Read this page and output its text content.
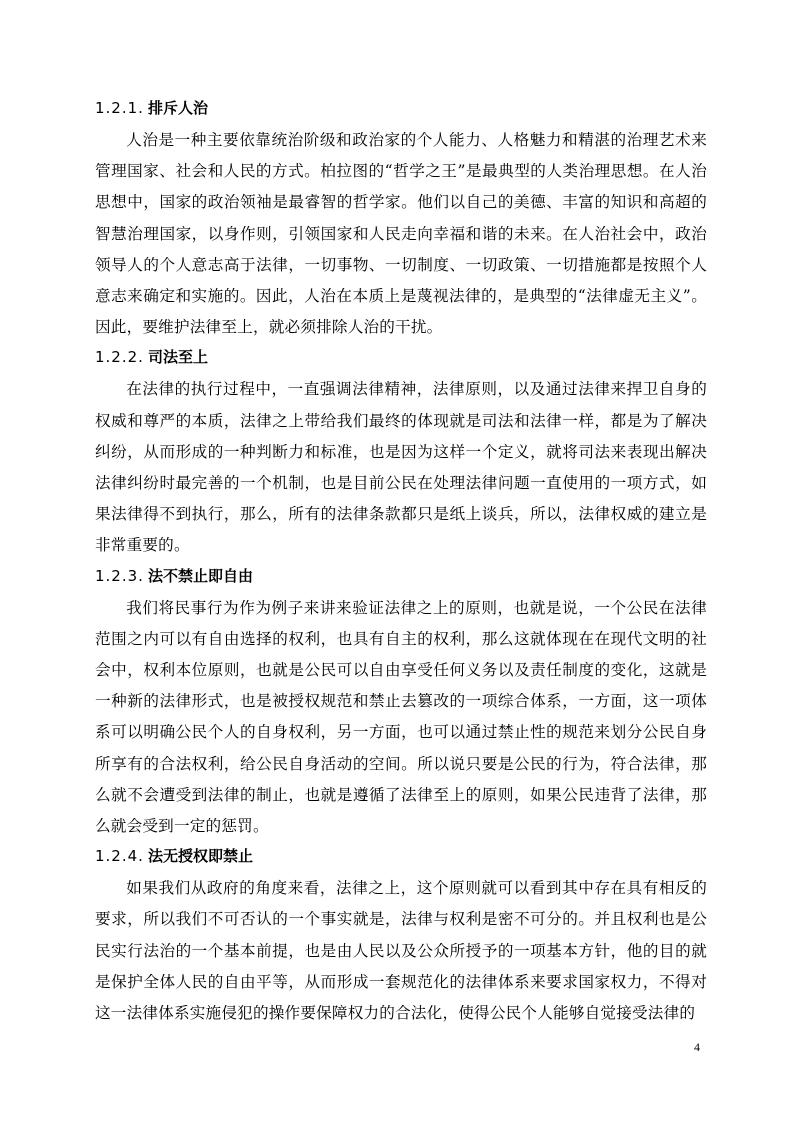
1.2.1. 排斥人治

人治是一种主要依靠统治阶级和政治家的个人能力、人格魅力和精湛的治理艺术来管理国家、社会和人民的方式。柏拉图的“哲学之王”是最典型的人类治理思想。在人治思想中，国家的政治领袖是最睿智的哲学家。他们以自己的美德、丰富的知识和高超的智慧治理国家，以身作则，引领国家和人民走向幸福和谐的未来。在人治社会中，政治领导人的个人意志高于法律，一切事物、一切制度、一切政策、一切措施都是按照个人意志来确定和实施的。因此，人治在本质上是蔑视法律的，是典型的“法律虚无主义”。因此，要维护法律至上，就必须排除人治的干扰。

1.2.2. 司法至上

在法律的执行过程中，一直强调法律精神，法律原则，以及通过法律来捍卫自身的权威和尊严的本质，法律之上带给我们最终的体现就是司法和法律一样，都是为了解决纠纷，从而形成的一种判断力和标准，也是因为这样一个定义，就将司法来表现出解决法律纠纷时最完善的一个机制，也是目前公民在处理法律问题一直使用的一项方式，如果法律得不到执行，那么，所有的法律条款都只是纸上谈兵，所以，法律权威的建立是非常重要的。

1.2.3. 法不禁止即自由

我们将民事行为作为例子来讲来验证法律之上的原则，也就是说，一个公民在法律范围之内可以有自由选择的权利，也具有自主的权利，那么这就体现在在现代文明的社会中，权利本位原则，也就是公民可以自由享受任何义务以及责任制度的变化，这就是一种新的法律形式，也是被授权规范和禁止去篡改的一项综合体系，一方面，这一项体系可以明确公民个人的自身权利，另一方面，也可以通过禁止性的规范来划分公民自身所享有的合法权利，给公民自身活动的空间。所以说只要是公民的行为，符合法律，那么就不会遭受到法律的制止，也就是遵循了法律至上的原则，如果公民违背了法律，那么就会受到一定的惩罚。

1.2.4. 法无授权即禁止

如果我们从政府的角度来看，法律之上，这个原则就可以看到其中存在具有相反的要求，所以我们不可否认的一个事实就是，法律与权利是密不可分的。并且权利也是公民实行法治的一个基本前提，也是由人民以及公众所授予的一项基本方针，他的目的就是保护全体人民的自由平等，从而形成一套规范化的法律体系来要求国家权力，不得对这一法律体系实施侵犯的操作要保障权力的合法化，使得公民个人能够自觉接受法律的

4
